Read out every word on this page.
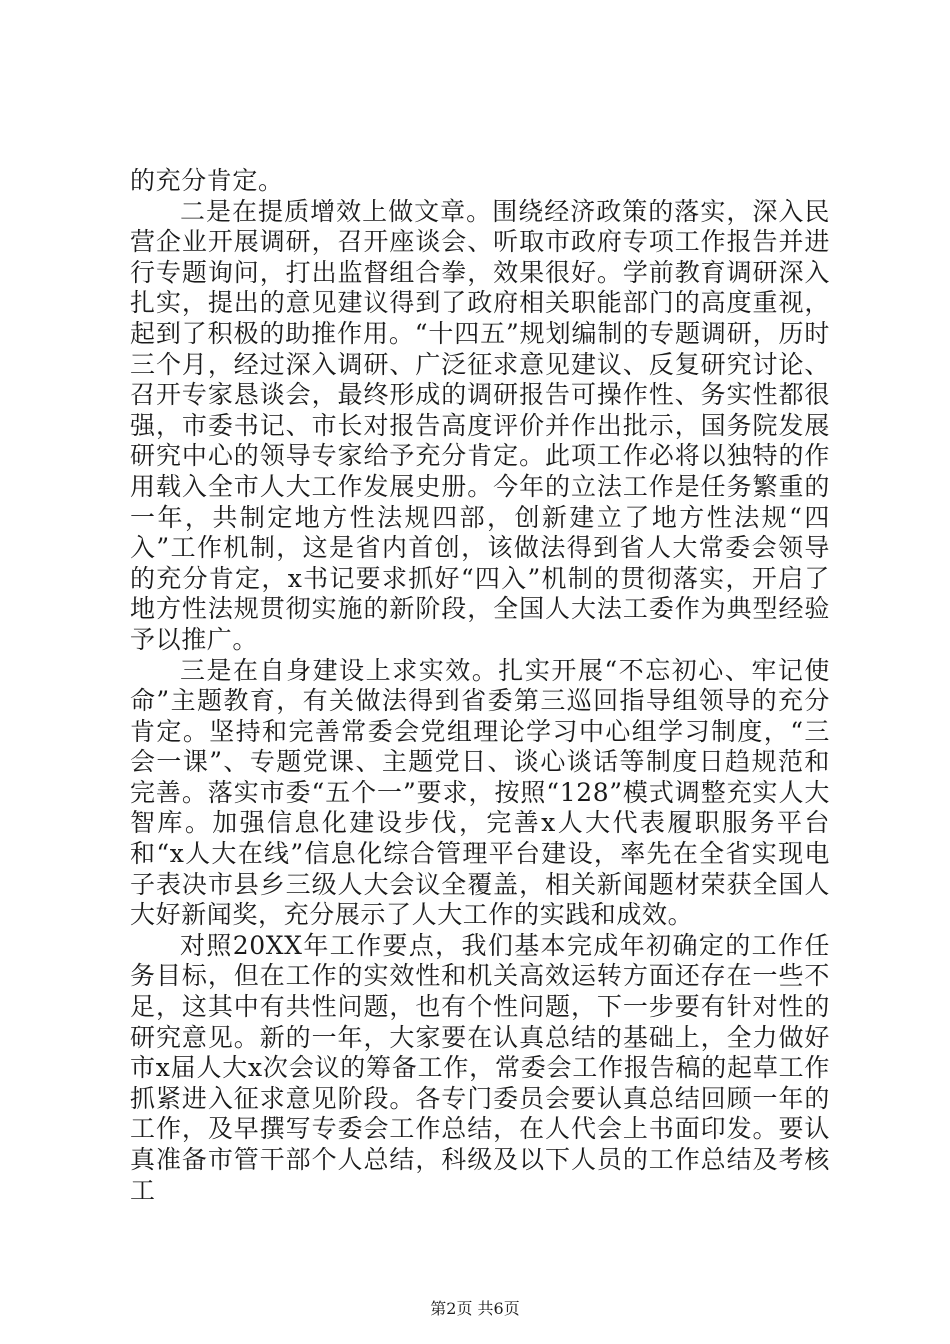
的充分肯定。

二是在提质增效上做文章。围绕经济政策的落实，深入民营企业开展调研，召开座谈会、听取市政府专项工作报告并进行专题询问，打出监督组合拳，效果很好。学前教育调研深入扎实，提出的意见建议得到了政府相关职能部门的高度重视，起到了积极的助推作用。“十四五”规划编制的专题调研，历时三个月，经过深入调研、广泛征求意见建议、反复研究讨论、召开专家恳谈会，最终形成的调研报告可操作性、务实性都很强，市委书记、市长对报告高度评价并作出批示，国务院发展研究中心的领导专家给予充分肯定。此项工作必将以独特的作用载入全市人大工作发展史册。今年的立法工作是任务繁重的一年，共制定地方性法规四部，创新建立了地方性法规“四入”工作机制，这是省内首创，该做法得到省人大常委会领导的充分肯定，x书记要求抓好“四入”机制的贯彻落实，开启了地方性法规贯彻实施的新阶段，全国人大法工委作为典型经验予以推广。

三是在自身建设上求实效。扎实开展“不忘初心、牢记使命”主题教育，有关做法得到省委第三巡回指导组领导的充分肯定。坚持和完善常委会党组理论学习中心组学习制度，“三会一课”、专题党课、主题党日、谈心谈话等制度日趋规范和完善。落实市委“五个一”要求，按照“128”模式调整充实人大智库。加强信息化建设步伐，完善x人大代表履职服务平台和“x人大在线”信息化综合管理平台建设，率先在全省实现电子表决市县乡三级人大会议全覆盖，相关新闻题材荣获全国人大好新闻奖，充分展示了人大工作的实践和成效。

对照20XX年工作要点，我们基本完成年初确定的工作任务目标，但在工作的实效性和机关高效运转方面还存在一些不足，这其中有共性问题，也有个性问题，下一步要有针对性的研究意见。新的一年，大家要在认真总结的基础上，全力做好市x届人大x次会议的筹备工作，常委会工作报告稿的起草工作抓紧进入征求意见阶段。各专门委员会要认真总结回顾一年的工作，及早撰写专委会工作总结，在人代会上书面印发。要认真准备市管干部个人总结，科级及以下人员的工作总结及考核工

第2页 共6页
